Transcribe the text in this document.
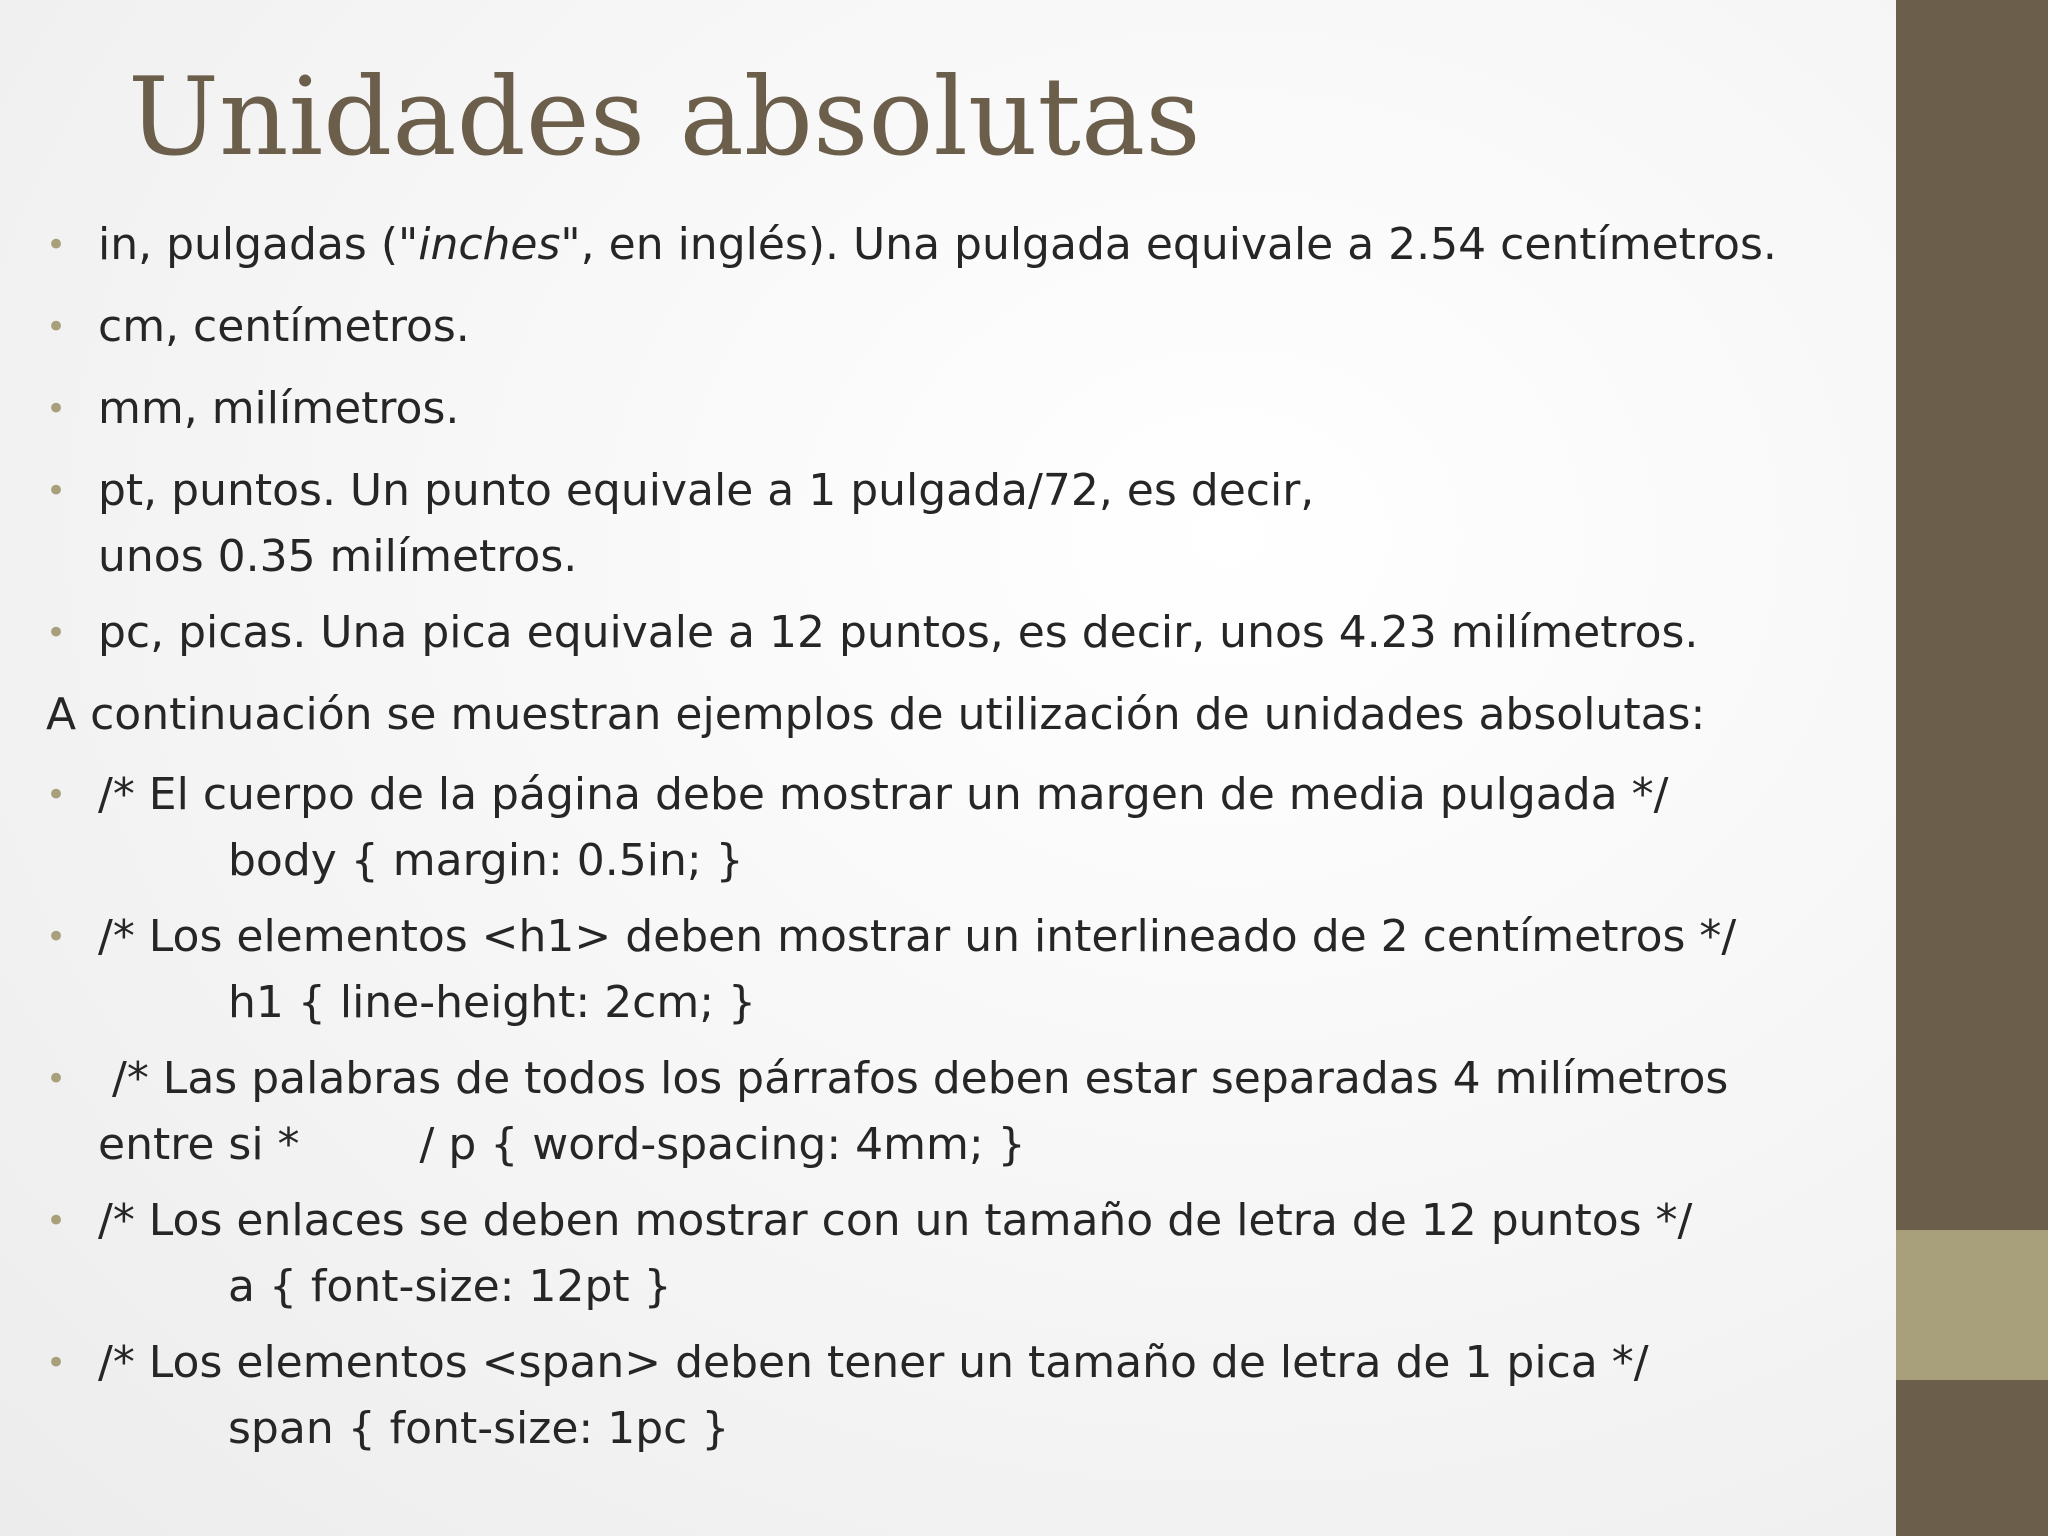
Unidades absolutas
• in, pulgadas ("inches", en inglés). Una pulgada equivale a 2.54 centímetros.
• cm, centímetros.
• mm, milímetros.
• pt, puntos. Un punto equivale a 1 pulgada/72, es decir,
unos 0.35 milímetros.
• pc, picas. Una pica equivale a 12 puntos, es decir, unos 4.23 milímetros.
A continuación se muestran ejemplos de utilización de unidades absolutas:
• /* El cuerpo de la página debe mostrar un margen de media pulgada */
body { margin: 0.5in; }
• /* Los elementos <h1> deben mostrar un interlineado de 2 centímetros */
h1 { line-height: 2cm; }
•	/* Las palabras de todos los párrafos deben estar separadas 4 milímetros
entre si *	/ p { word-spacing: 4mm; }
• /* Los enlaces se deben mostrar con un tamaño de letra de 12 puntos */
a { font-size: 12pt }
• /* Los elementos <span> deben tener un tamaño de letra de 1 pica */
span { font-size: 1pc }
